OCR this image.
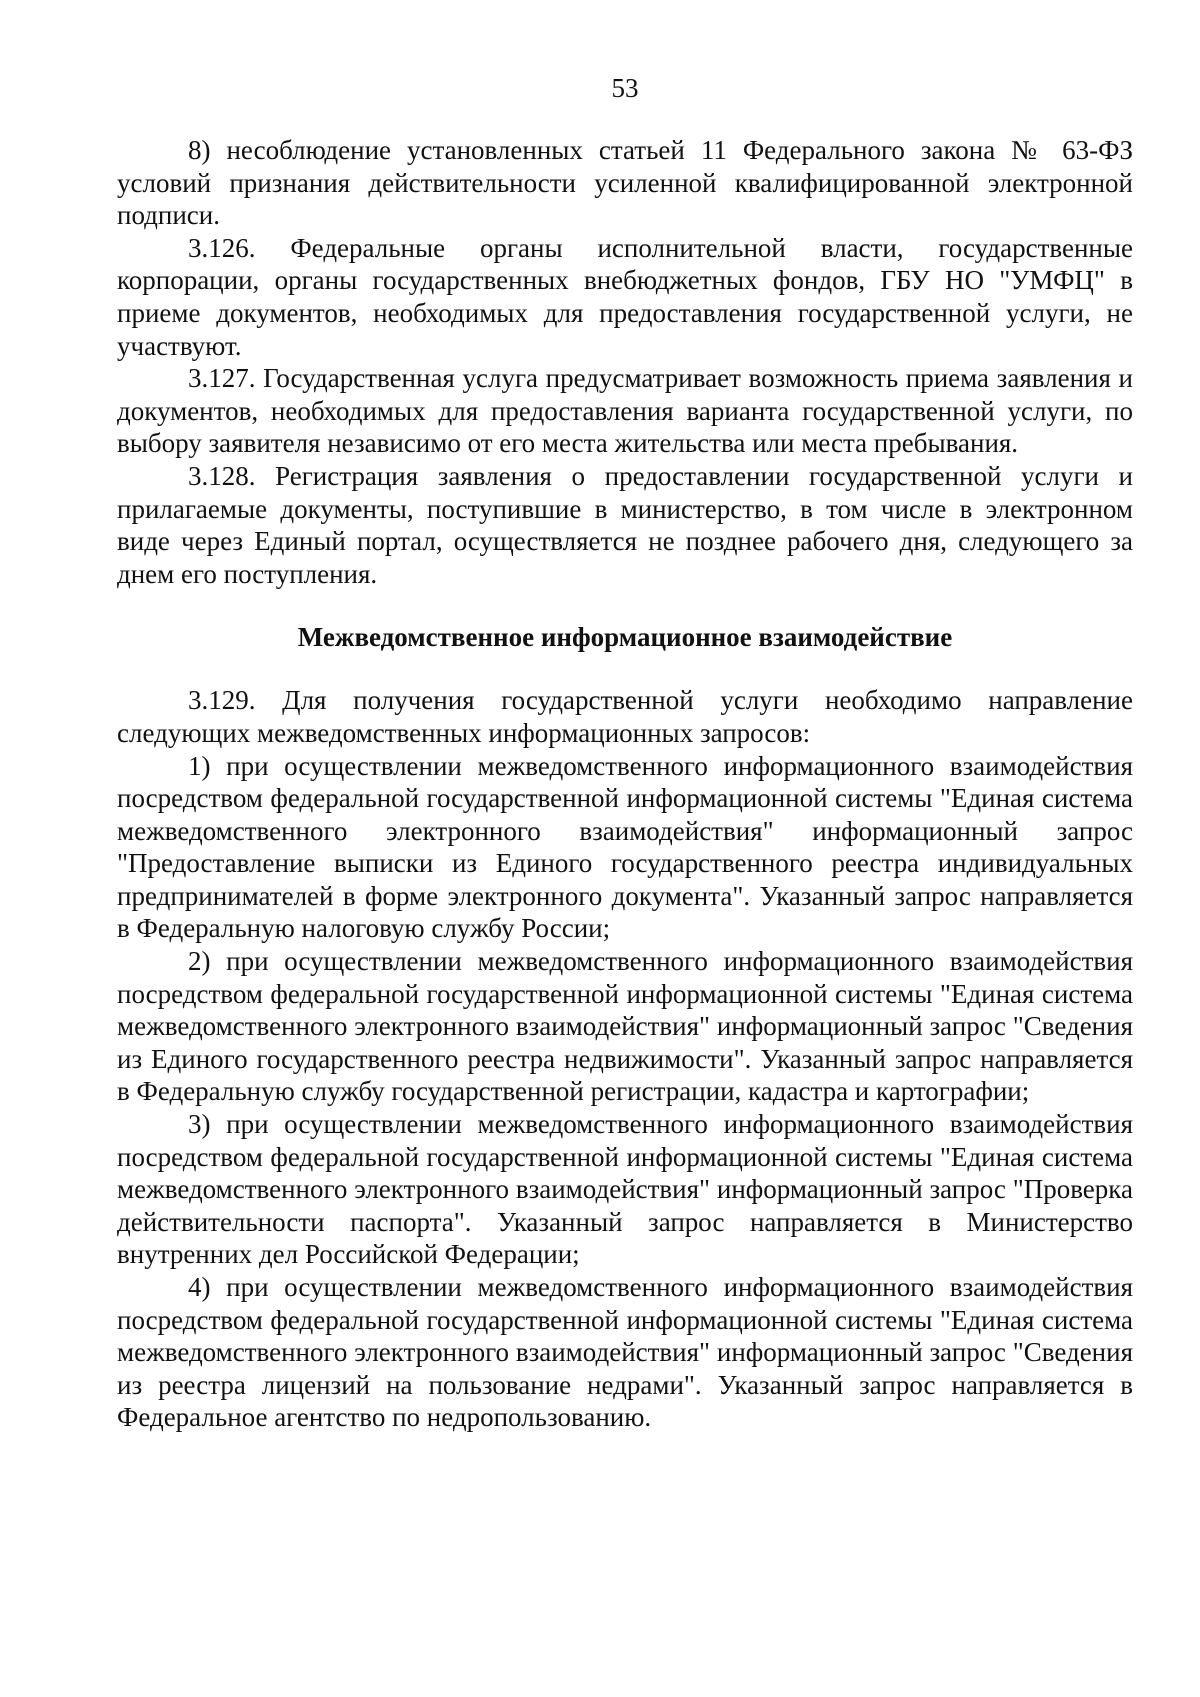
53

8) несоблюдение установленных статьей 11 Федерального закона № 63-ФЗ условий признания действительности усиленной квалифицированной электронной подписи.

3.126. Федеральные органы исполнительной власти, государственные корпорации, органы государственных внебюджетных фондов, ГБУ НО "УМФЦ" в приеме документов, необходимых для предоставления государственной услуги, не участвуют.

3.127. Государственная услуга предусматривает возможность приема заявления и документов, необходимых для предоставления варианта государственной услуги, по выбору заявителя независимо от его места жительства или места пребывания.

3.128. Регистрация заявления о предоставлении государственной услуги и прилагаемые документы, поступившие в министерство, в том числе в электронном виде через Единый портал, осуществляется не позднее рабочего дня, следующего за днем его поступления.

Межведомственное информационное взаимодействие

3.129. Для получения государственной услуги необходимо направление следующих межведомственных информационных запросов:

1) при осуществлении межведомственного информационного взаимодействия посредством федеральной государственной информационной системы "Единая система межведомственного электронного взаимодействия" информационный запрос "Предоставление выписки из Единого государственного реестра индивидуальных предпринимателей в форме электронного документа". Указанный запрос направляется в Федеральную налоговую службу России;

2) при осуществлении межведомственного информационного взаимодействия посредством федеральной государственной информационной системы "Единая система межведомственного электронного взаимодействия" информационный запрос "Сведения из Единого государственного реестра недвижимости". Указанный запрос направляется в Федеральную службу государственной регистрации, кадастра и картографии;

3) при осуществлении межведомственного информационного взаимодействия посредством федеральной государственной информационной системы "Единая система межведомственного электронного взаимодействия" информационный запрос "Проверка действительности паспорта". Указанный запрос направляется в Министерство внутренних дел Российской Федерации;

4) при осуществлении межведомственного информационного взаимодействия посредством федеральной государственной информационной системы "Единая система межведомственного электронного взаимодействия" информационный запрос "Сведения из реестра лицензий на пользование недрами". Указанный запрос направляется в Федеральное агентство по недропользованию.
